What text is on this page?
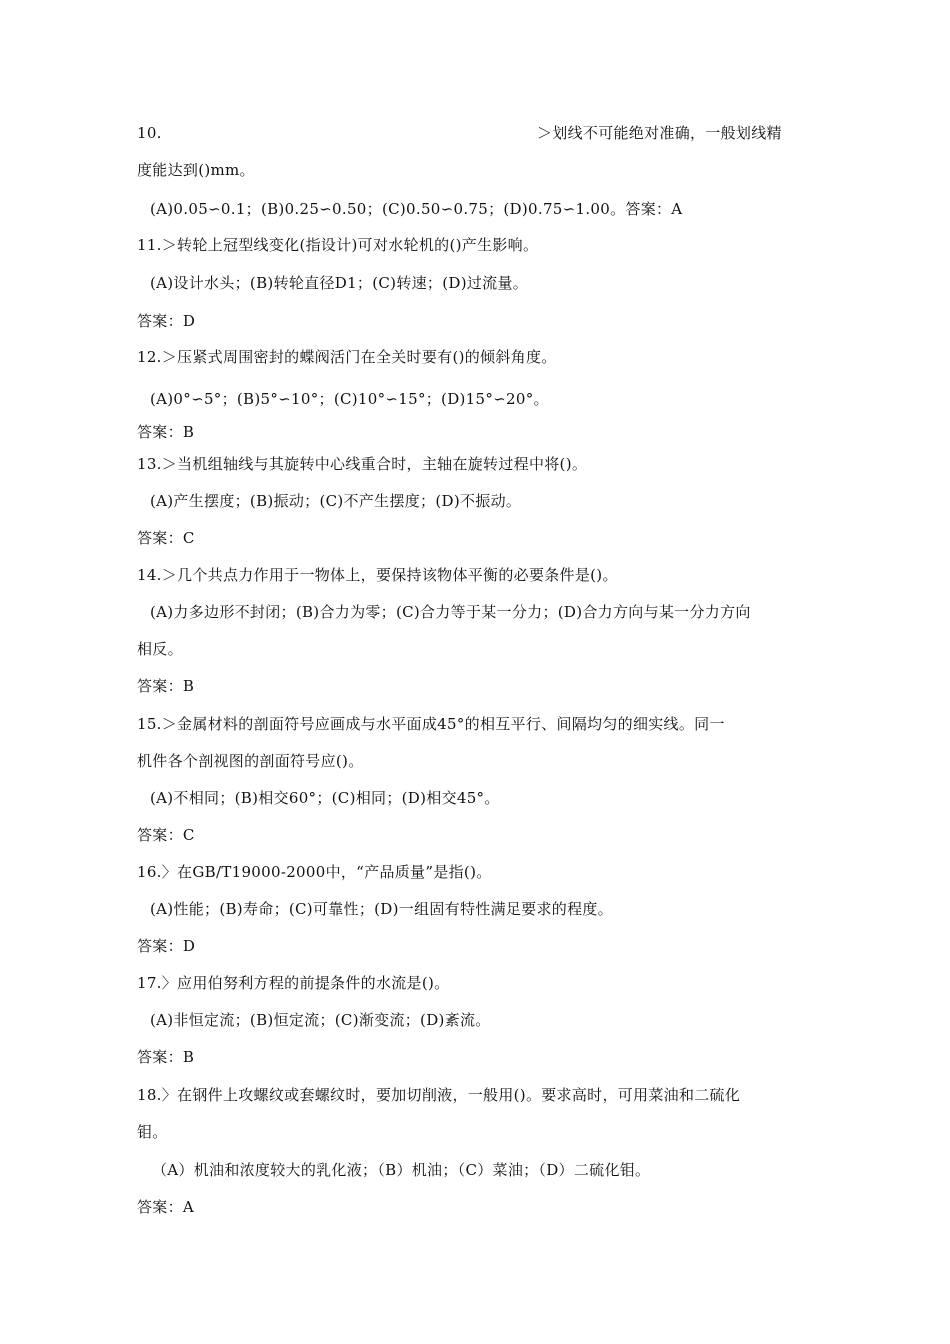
10.	＞划线不可能绝对准确，一般划线精
度能达到()mm。
(A)0.05∽0.1；(B)0.25∽0.50；(C)0.50∽0.75；(D)0.75∽1.00。答案：A
11.＞转轮上冠型线变化(指设计)可对水轮机的()产生影响。
(A)设计水头；(B)转轮直径D1；(C)转速；(D)过流量。
答案：D
12.＞压紧式周围密封的蝶阀活门在全关时要有()的倾斜角度。
(A)0°∽5°；(B)5°∽10°；(C)10°∽15°；(D)15°∽20°。
答案：B
13.＞当机组轴线与其旋转中心线重合时，主轴在旋转过程中将()。
(A)产生摆度；(B)振动；(C)不产生摆度；(D)不振动。
答案：C
14.＞几个共点力作用于一物体上，要保持该物体平衡的必要条件是()。
(A)力多边形不封闭；(B)合力为零；(C)合力等于某一分力；(D)合力方向与某一分力方向
相反。
答案：B
15.＞金属材料的剖面符号应画成与水平面成45°的相互平行、间隔均匀的细实线。同一
机件各个剖视图的剖面符号应()。
(A)不相同；(B)相交60°；(C)相同；(D)相交45°。
答案：C
16.〉在GB/T19000-2000中，“产品质量”是指()。
(A)性能；(B)寿命；(C)可靠性；(D)一组固有特性满足要求的程度。
答案：D
17.〉应用伯努利方程的前提条件的水流是()。
(A)非恒定流；(B)恒定流；(C)渐变流；(D)紊流。
答案：B
18.〉在钢件上攻螺纹或套螺纹时，要加切削液，一般用()。要求高时，可用菜油和二硫化
钼。
（A）机油和浓度较大的乳化液；（B）机油；（C）菜油；（D）二硫化钼。
答案：A
